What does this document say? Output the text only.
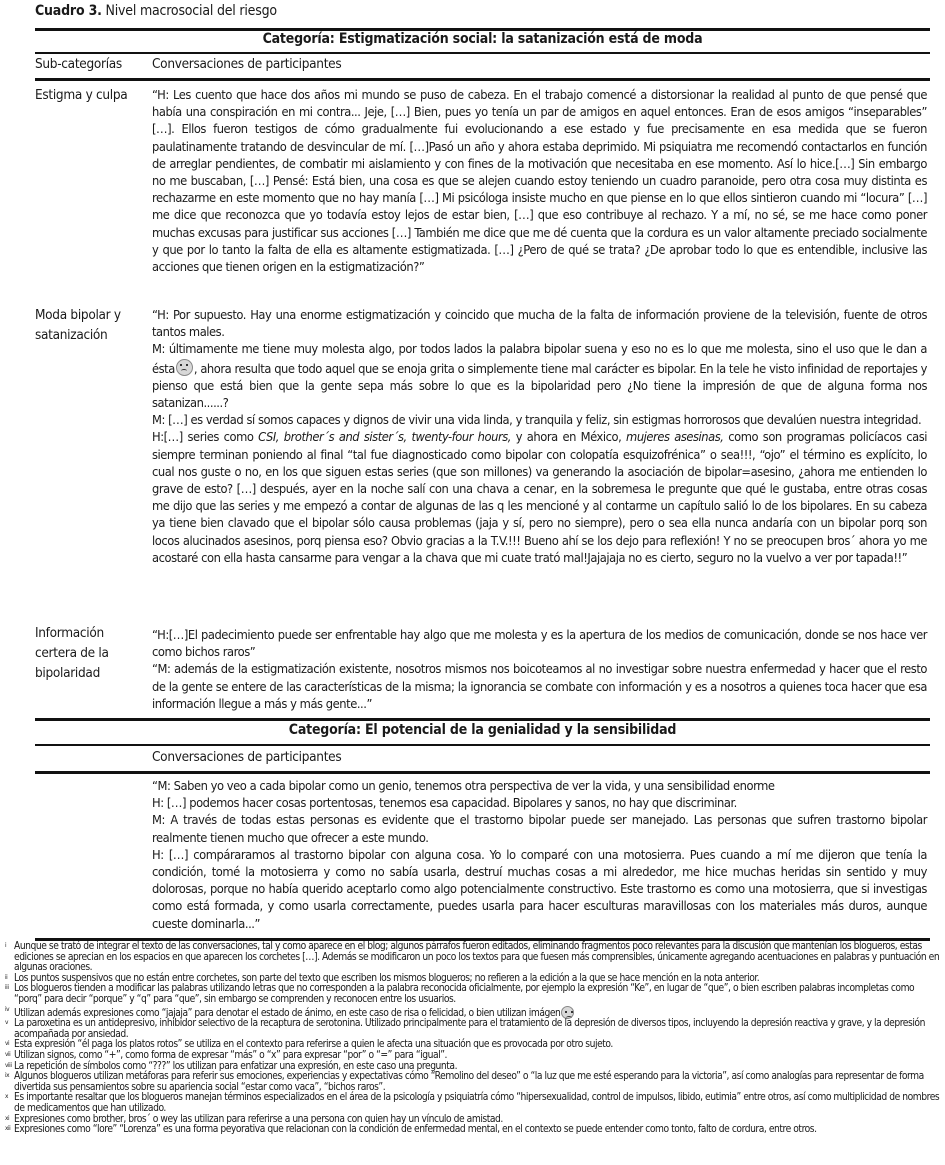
Cuadro 3. Nivel macrosocial del riesgo
Categoría: Estigmatización social: la satanización está de moda
Sub-categorías Conversaciones de participantes
Estigma y culpa	“H: Les cuento que hace dos años mi mundo se puso de cabeza. En el trabajo comencé a distorsionar la realidad al punto de que pensé que había una conspiración en mi contra... Jeje, […] Bien, pues yo tenía un par de amigos en aquel entonces. Eran de esos amigos “inseparables” […]. Ellos fueron testigos de cómo gradualmente fui evolucionando a ese estado y fue precisamente en esa medida que se fueron paulatinamente tratando de desvincular de mí. […]Pasó un año y ahora estaba deprimido. Mi psiquiatra me recomendó contactarlos en función de arreglar pendientes, de combatir mi aislamiento y con fines de la motivación que necesitaba en ese momento. Así lo hice.[…] Sin embargo no me buscaban, […] Pensé: Está bien, una cosa es que se alejen cuando estoy teniendo un cuadro paranoide, pero otra cosa muy distinta es rechazarme en este momento que no hay manía […] Mi psicóloga insiste mucho en que piense en lo que ellos sintieron cuando mi “locura” […] me dice que reconozca que yo todavía estoy lejos de estar bien, […] que eso contribuye al rechazo. Y a mí, no sé, se me hace como poner muchas excusas para justificar sus acciones […] También me dice que me dé cuenta que la cordura es un valor altamente preciado socialmente y que por lo tanto la falta de ella es altamente estigmatizada. […] ¿Pero de qué se trata? ¿De aprobar todo lo que es entendible, inclusive las acciones que tienen origen en la estigmatización?”

Moda bipolar y satanización

“H: Por supuesto. Hay una enorme estigmatización y coincido que mucha de la falta de información proviene de la televisión, fuente de otros tantos males.

M: últimamente me tiene muy molesta algo, por todos lados la palabra bipolar suena y eso no es lo que me molesta, sino el uso que le dan a ésta , ahora resulta que todo aquel que se enoja grita o simplemente tiene mal carácter es bipolar. En la tele he visto infinidad de reportajes y pienso que está bien que la gente sepa más sobre lo que es la bipolaridad pero ¿No tiene la impresión de que de alguna forma nos satanizan......?

M: […] es verdad sí somos capaces y dignos de vivir una vida linda, y tranquila y feliz, sin estigmas horrorosos que devalúen nuestra integridad.

H:[…] series como CSI, brother´s and sister´s, twenty-four hours, y ahora en México, mujeres asesinas, como son programas policíacos casi siempre terminan poniendo al final “tal fue diagnosticado como bipolar con colopatía esquizofrénica” o sea!!!, “ojo” el término es explícito, lo cual nos guste o no, en los que siguen estas series (que son millones) va generando la asociación de bipolar=asesino, ¿ahora me entienden lo grave de esto? […] después, ayer en la noche salí con una chava a cenar, en la sobremesa le pregunte que qué le gustaba, entre otras cosas me dijo que las series y me empezó a contar de algunas de las q les mencioné y al contarme un capítulo salió lo de los bipolares. En su cabeza ya tiene bien clavado que el bipolar sólo causa problemas (jaja y sí, pero no siempre), pero o sea ella nunca andaría con un bipolar porq son locos alucinados asesinos, porq piensa eso? Obvio gracias a la T.V.!!! Bueno ahí se los dejo para reflexión! Y no se preocupen bros´ ahora yo me acostaré con ella hasta cansarme para vengar a la chava que mi cuate trató mal!Jajajaja no es cierto, seguro no la vuelvo a ver por tapada!!”

Información certera de la bipolaridad

“H:[…]El padecimiento puede ser enfrentable hay algo que me molesta y es la apertura de los medios de comunicación, donde se nos hace ver como bichos raros”

“M: además de la estigmatización existente, nosotros mismos nos boicoteamos al no investigar sobre nuestra enfermedad y hacer que el resto de la gente se entere de las características de la misma; la ignorancia se combate con información y es a nosotros a quienes toca hacer que esa información llegue a más y más gente...”

Categoría: El potencial de la genialidad y la sensibilidad
Conversaciones de participantes

“M: Saben yo veo a cada bipolar como un genio, tenemos otra perspectiva de ver la vida, y una sensibilidad enorme

H: […] podemos hacer cosas portentosas, tenemos esa capacidad. Bipolares y sanos, no hay que discriminar.

M: A través de todas estas personas es evidente que el trastorno bipolar puede ser manejado. Las personas que sufren trastorno bipolar realmente tienen mucho que ofrecer a este mundo.

H: […] compáraramos al trastorno bipolar con alguna cosa. Yo lo comparé con una motosierra. Pues cuando a mí me dijeron que tenía la condición, tomé la motosierra y como no sabía usarla, destruí muchas cosas a mi alrededor, me hice muchas heridas sin sentido y muy dolorosas, porque no había querido aceptarlo como algo potencialmente constructivo. Este trastorno es como una motosierra, que si investigas como está formada, y como usarla correctamente, puedes usarla para hacer esculturas maravillosas con los materiales más duros, aunque cueste dominarla...”

i Aunque se trató de integrar el texto de las conversaciones, tal y como aparece en el blog; algunos párrafos fueron editados, eliminando fragmentos poco relevantes para la discusión que mantenían los blogueros, estas ediciones se aprecian en los espacios en que aparecen los corchetes […]. Además se modificaron un poco los textos para que fuesen más comprensibles, únicamente agregando acentuaciones en palabras y puntuación en algunas oraciones.

ii Los puntos suspensivos que no están entre corchetes, son parte del texto que escriben los mismos blogueros; no refieren a la edición a la que se hace mención en la nota anterior.

iii Los blogueros tienden a modificar las palabras utilizando letras que no corresponden a la palabra reconocida oficialmente, por ejemplo la expresión “Ke”, en lugar de “que”, o bien escriben palabras incompletas como “porq” para decir “porque” y “q” para “que”, sin embargo se comprenden y reconocen entre los usuarios.

iv Utilizan además expresiones como “jajaja” para denotar el estado de ánimo, en este caso de risa o felicidad, o bien utilizan imágen

v La paroxetina es un antidepresivo, inhibidor selectivo de la recaptura de serotonina. Utilizado principalmente para el tratamiento de la depresión de diversos tipos, incluyendo la depresión reactiva y grave, y la depresión acompañada por ansiedad.

vi Esta expresión “él paga los platos rotos” se utiliza en el contexto para referirse a quien le afecta una situación que es provocada por otro sujeto.

vii Utilizan signos, como “+”, como forma de expresar “más” o “x” para expresar “por” o “=” para “igual”.

viii La repetición de símbolos como “???” los utilizan para enfatizar una expresión, en este caso una pregunta.

ix Algunos blogueros utilizan metáforas para referir sus emociones, experiencias y expectativas cómo “Remolino del deseo” o “la luz que me esté esperando para la victoria”, así como analogías para representar de forma divertida sus pensamientos sobre su apariencia social “estar como vaca”, “bichos raros”.

x Es importante resaltar que los blogueros manejan términos especializados en el área de la psicología y psiquiatría cómo “hipersexualidad, control de impulsos, libido, eutimia” entre otros, así como multiplicidad de nombres de medicamentos que han utilizado.

xi Expresiones como brother, bros´ o wey las utilizan para referirse a una persona con quien hay un vínculo de amistad.

xii Expresiones como “lore” “Lorenza” es una forma peyorativa que relacionan con la condición de enfermedad mental, en el contexto se puede entender como tonto, falto de cordura, entre otros.
